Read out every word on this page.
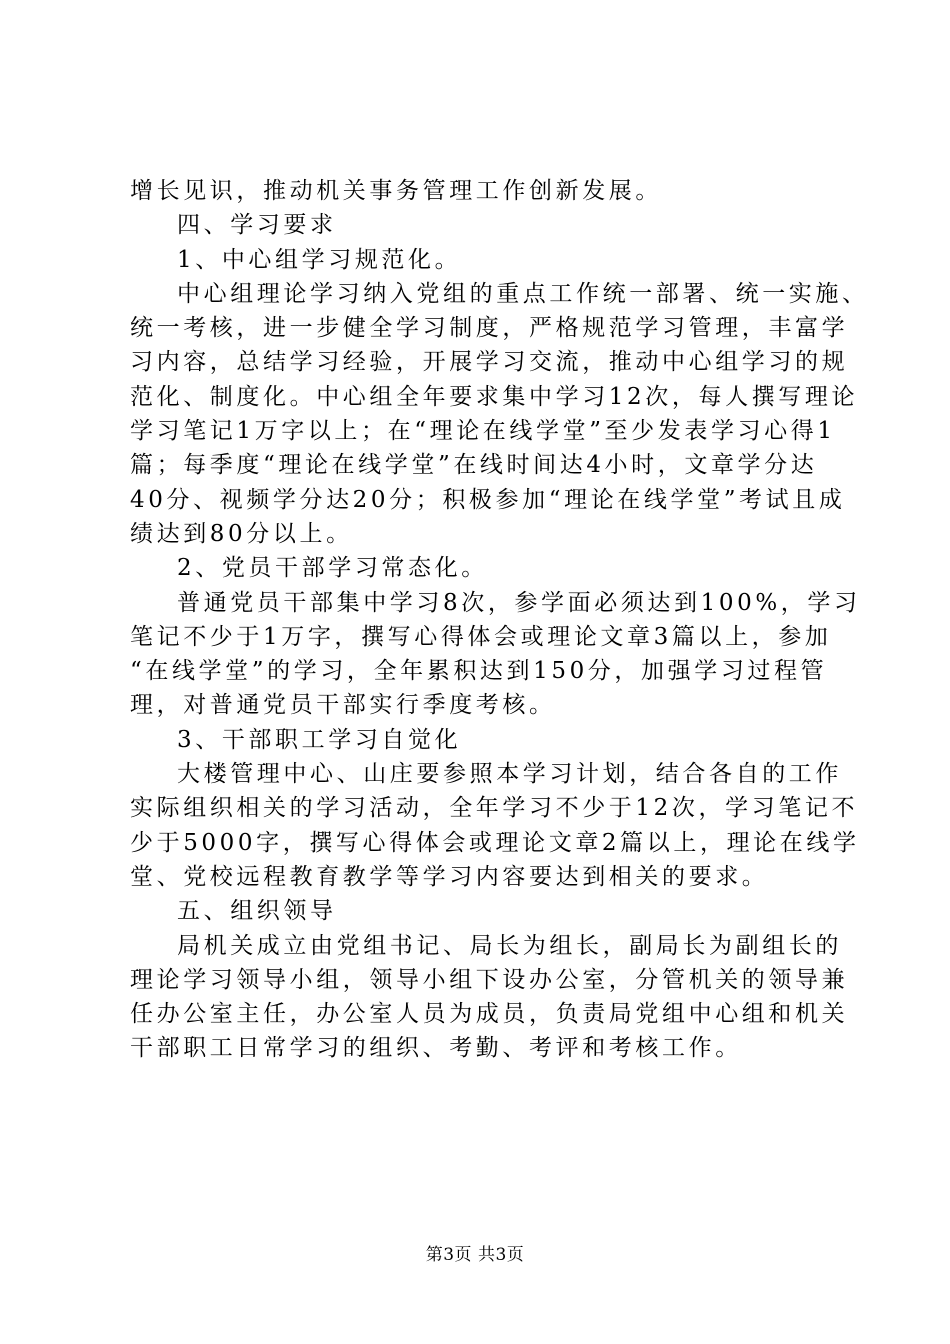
增长见识，推动机关事务管理工作创新发展。
四、学习要求
1、中心组学习规范化。
中心组理论学习纳入党组的重点工作统一部署、统一实施、
统一考核，进一步健全学习制度，严格规范学习管理，丰富学
习内容，总结学习经验，开展学习交流，推动中心组学习的规
范化、制度化。中心组全年要求集中学习12次，每人撰写理论
学习笔记1万字以上；在“理论在线学堂”至少发表学习心得1
篇；每季度“理论在线学堂”在线时间达4小时，文章学分达
40分、视频学分达20分；积极参加“理论在线学堂”考试且成
绩达到80分以上。
2、党员干部学习常态化。
普通党员干部集中学习8次，参学面必须达到100%，学习
笔记不少于1万字，撰写心得体会或理论文章3篇以上，参加
“在线学堂”的学习，全年累积达到150分，加强学习过程管
理，对普通党员干部实行季度考核。
3、干部职工学习自觉化
大楼管理中心、山庄要参照本学习计划，结合各自的工作
实际组织相关的学习活动，全年学习不少于12次，学习笔记不
少于5000字，撰写心得体会或理论文章2篇以上，理论在线学
堂、党校远程教育教学等学习内容要达到相关的要求。
五、组织领导
局机关成立由党组书记、局长为组长，副局长为副组长的
理论学习领导小组，领导小组下设办公室，分管机关的领导兼
任办公室主任，办公室人员为成员，负责局党组中心组和机关
干部职工日常学习的组织、考勤、考评和考核工作。
第3页 共3页
